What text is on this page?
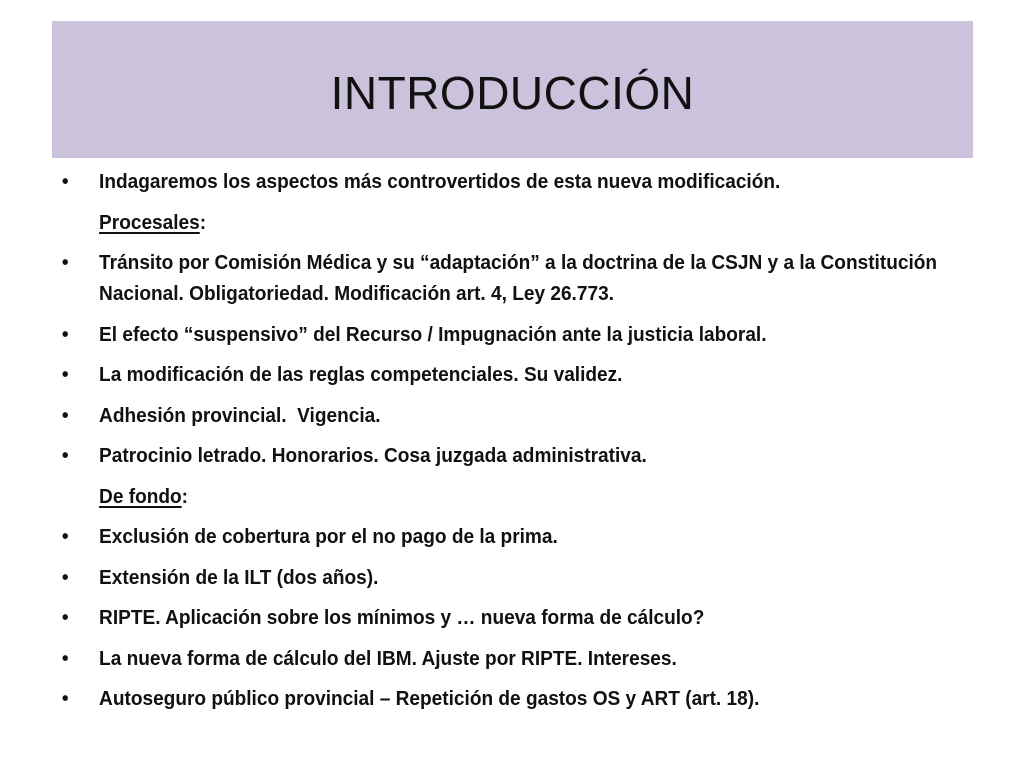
INTRODUCCIÓN
•	Indagaremos los aspectos más controvertidos de esta nueva modificación.
Procesales:
•	Tránsito por Comisión Médica y su “adaptación” a la doctrina de la CSJN y a la Constitución Nacional. Obligatoriedad. Modificación art. 4, Ley 26.773.
•	El efecto “suspensivo” del Recurso / Impugnación ante la justicia laboral.
•	La modificación de las reglas competenciales. Su validez.
•	Adhesión provincial.  Vigencia.
•	Patrocinio letrado. Honorarios. Cosa juzgada administrativa.
De fondo:
•	Exclusión de cobertura por el no pago de la prima.
•	Extensión de la ILT (dos años).
•	RIPTE. Aplicación sobre los mínimos y … nueva forma de cálculo?
•	La nueva forma de cálculo del IBM. Ajuste por RIPTE. Intereses.
•	Autoseguro público provincial – Repetición de gastos OS y ART (art. 18).
